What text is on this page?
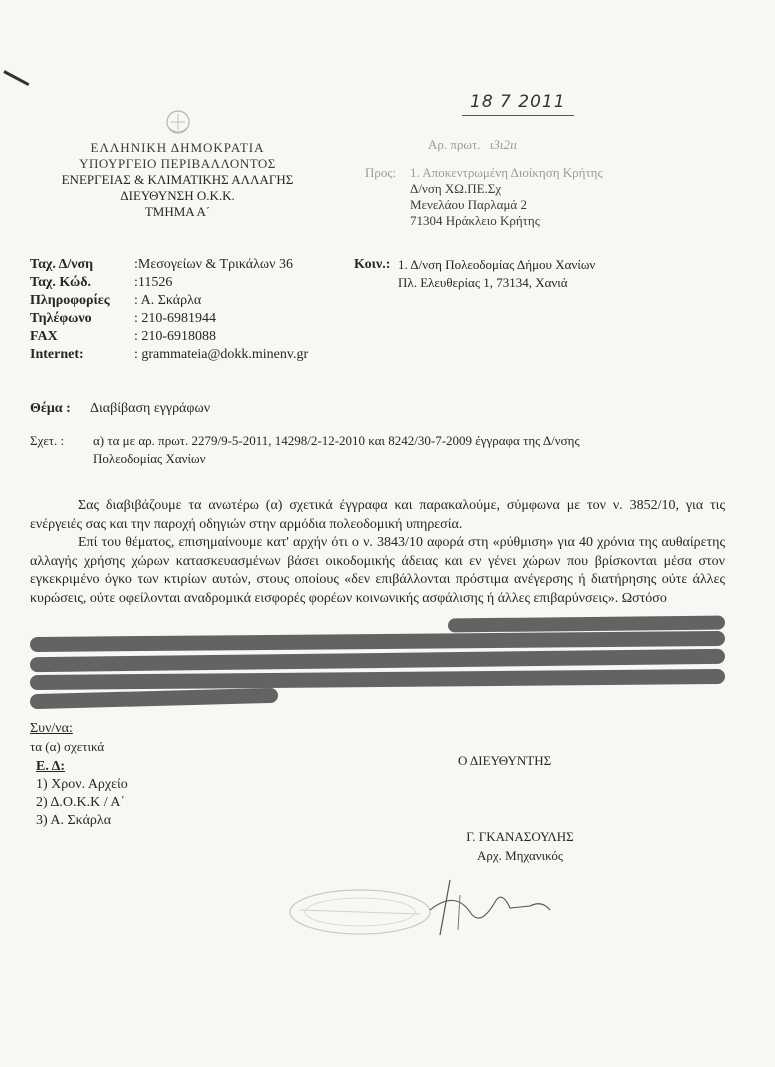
18 7 2011
ΕΛΛΗΝΙΚΗ ΔΗΜΟΚΡΑΤΙΑ
ΥΠΟΥΡΓΕΙΟ ΠΕΡΙΒΑΛΛΟΝΤΟΣ
ΕΝΕΡΓΕΙΑΣ & ΚΛΙΜΑΤΙΚΗΣ ΑΛΛΑΓΗΣ
ΔΙΕΥΘΥΝΣΗ Ο.Κ.Κ.
ΤΜΗΜΑ Α΄
Αρ. πρωτ. ι3ι2ιι
Προς: 1. Αποκεντρωμένη Διοίκηση Κρήτης
Δ/νση ΧΩ.ΠΕ.Σχ
Μενελάου Παρλαμά 2
71304 Ηράκλειο Κρήτης
Ταχ. Δ/νση	:Μεσογείων & Τρικάλων 36
Ταχ. Κώδ.	:11526
Πληροφορίες : Α. Σκάρλα
Τηλέφωνο	: 210-6981944
FAX	: 210-6918088
Internet:	: grammateia@dokk.minenv.gr
Κοιν.: 1. Δ/νση Πολεοδομίας Δήμου Χανίων
Πλ. Ελευθερίας 1, 73134, Χανιά
Θέμα : Διαβίβαση εγγράφων
Σχετ. : α) τα με αρ. πρωτ. 2279/9-5-2011, 14298/2-12-2010 και 8242/30-7-2009 έγγραφα της Δ/νσης
Πολεοδομίας Χανίων

Σας διαβιβάζουμε τα ανωτέρω (α) σχετικά έγγραφα και παρακαλούμε, σύμφωνα με τον ν. 3852/10, για τις ενέργειές σας και την παροχή οδηγιών στην αρμόδια πολεοδομική υπηρεσία.

Επί του θέματος, επισημαίνουμε κατ' αρχήν ότι ο ν. 3843/10 αφορά στη «ρύθμιση» για 40 χρόνια της αυθαίρετης αλλαγής χρήσης χώρων κατασκευασμένων βάσει οικοδομικής άδειας και εν γένει χώρων που βρίσκονται μέσα στον εγκεκριμένο όγκο των κτιρίων αυτών, στους οποίους «δεν επιβάλλονται πρόστιμα ανέγερσης ή διατήρησης ούτε άλλες κυρώσεις, ούτε οφείλονται αναδρομικά εισφορές φορέων κοινωνικής ασφάλισης ή άλλες επιβαρύνσεις». Ωστόσο

Συν/να:
τα (α) σχετικά
Ε. Δ:
1) Χρον. Αρχείο
2) Δ.Ο.Κ.Κ / Α΄
3) Α. Σκάρλα
Ο ΔΙΕΥΘΥΝΤΗΣ
Γ. ΓΚΑΝΑΣΟΥΛΗΣ
Αρχ. Μηχανικός
